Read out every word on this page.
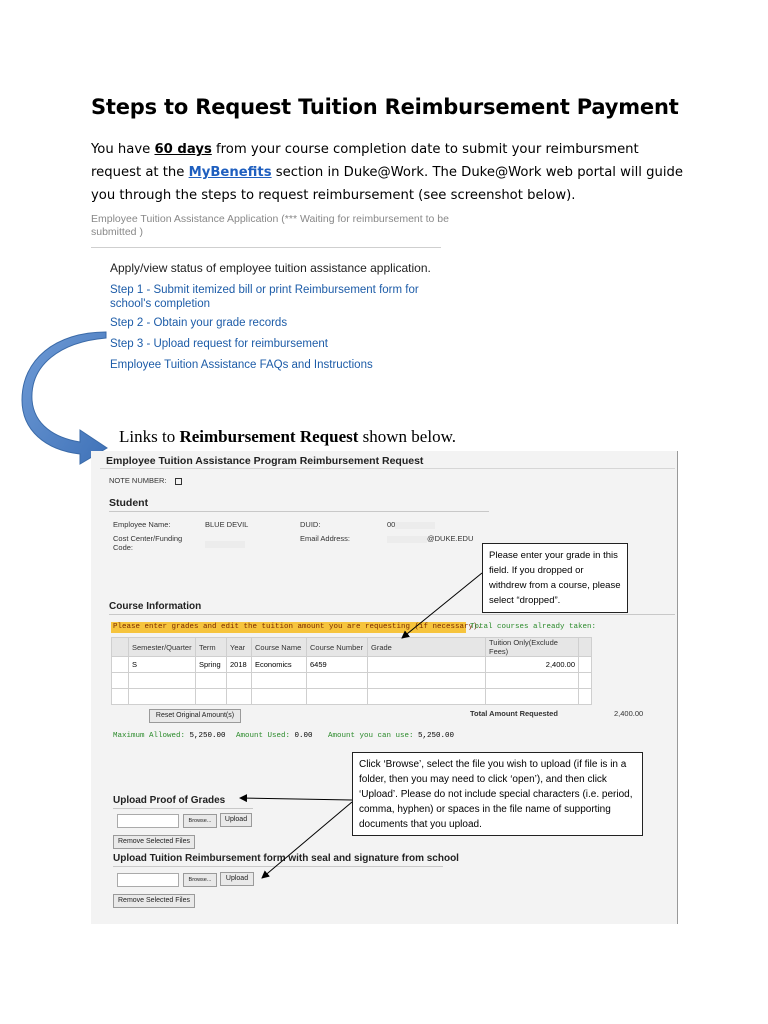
Steps to Request Tuition Reimbursement Payment
You have 60 days from your course completion date to submit your reimbursment request at the MyBenefits section in Duke@Work. The Duke@Work web portal will guide you through the steps to request reimbursement (see screenshot below).
Employee Tuition Assistance Application (*** Waiting for reimbursement to be submitted )
Apply/view status of employee tuition assistance application.
Step 1 - Submit itemized bill or print Reimbursement form for school's completion
Step 2 - Obtain your grade records
Step 3 - Upload request for reimbursement
Employee Tuition Assistance FAQs and Instructions
Links to Reimbursement Request shown below.
Employee Tuition Assistance Program Reimbursement Request
NOTE NUMBER:
Student
Employee Name:	BLUE DEVIL	DUID:	00
Cost Center/Funding Code:
Email Address:	@DUKE.EDU
Course Information
Please enter grades and edit the tuition amount you are requesting (if necessary).
Total courses already taken:
	Semester/Quarter	Term	Year	Course Name	Course Number	Grade	Tuition Only(Exclude Fees)	
	S	Spring	2018	Economics	6459		2,400.00	

Reset Original Amount(s)	Total Amount Requested	2,400.00
Maximum Allowed: 5,250.00 Amount Used: 0.00 Amount you can use: 5,250.00
Upload Proof of Grades
Browse...	Upload
Remove Selected Files
Upload Tuition Reimbursement form with seal and signature from school
Browse...	Upload
Remove Selected Files
Please enter your grade in this field. If you dropped or withdrew from a course, please select “dropped”.
Click ‘Browse’, select the file you wish to upload (if file is in a folder, then you may need to click ‘open’), and then click ‘Upload’. Please do not include special characters (i.e. period, comma, hyphen) or spaces in the file name of supporting documents that you upload.
